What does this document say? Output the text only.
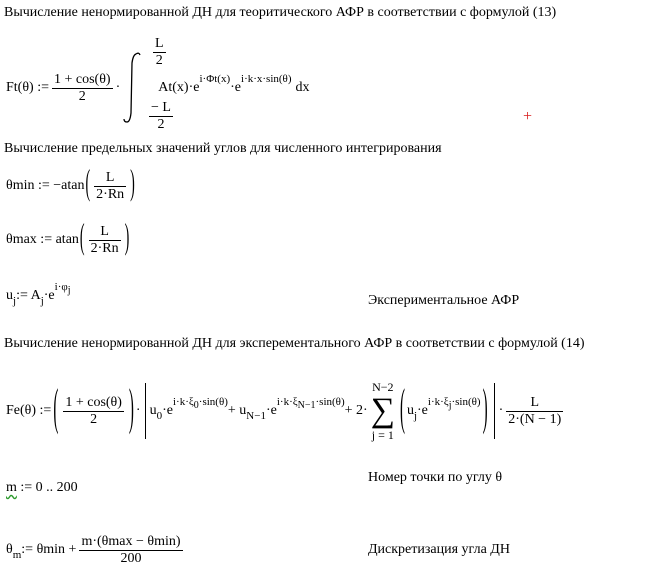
Вычисление ненормированной ДН для теоритического АФР в соответствии с формулой (13)
Ft(θ) := $\frac{1 + \cos(\theta)}{2}$ ·
$\frac{L}{2}$
$\frac{- L}{2}$
At(x)·e
i·Φt(x)
·e
i·k·x·sin(θ)
dx
+
Вычисление предельных значений углов для численного интегрирования
θmin := −atan ( $\frac{L}{2\cdot Rn}$ )
θmax := atan ( $\frac{L}{2\cdot Rn}$ )
u j := A j ·e
i·φj
Экспериментальное АФР
Вычисление ненормированной ДН для эксперементального АФР в соответствии с формулой (14)
Fe(θ) := ( $\frac{1 + \cos(\theta)}{2}$ ) · u 0 ·e
i·k·ξ0·sin(θ)
+ u N−1 ·e
i·k·ξN−1·sin(θ)
+ 2·
N−2
∑
j = 1 ( u j ·e
i·k·ξj·sin(θ) ) · $\frac{L}{2\cdot(N - 1)}$
m := 0 .. 200
Номер точки по углу θ
θ m := $\theta\min + \frac{m\cdot(\theta\max - \theta\min)}{200}$	Дискретизация угла ДН
